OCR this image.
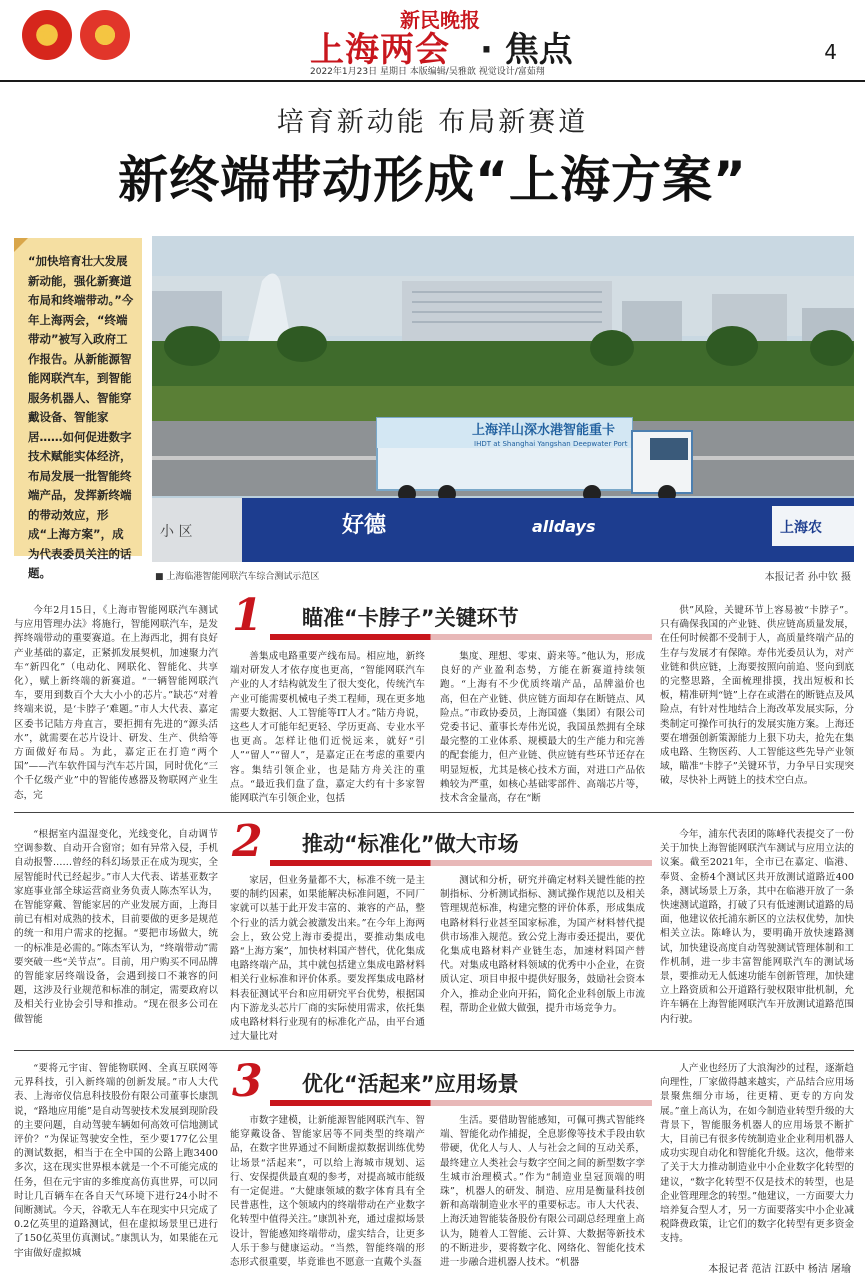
★ ✦
新民晚报
上海两会 · 焦点	4
2022年1月23日 星期日 本版编辑/吴雅歆 视觉设计/富茹翔
培育新动能 布局新赛道
新终端带动形成“上海方案”
“加快培育壮大发展新动能，强化新赛道布局和终端带动。”今年上海两会，“终端带动”被写入政府工作报告。从新能源智能网联汽车，到智能服务机器人、智能穿戴设备、智能家居……如何促进数字技术赋能实体经济，布局发展一批智能终端产品，发挥新终端的带动效应，形成“上海方案”，成为代表委员关注的话题。
上海洋山深水港智能重卡
IHDT at Shanghai Yangshan Deepwater Port
小 区	好德	alldays	上海农
■ 上海临港智能网联汽车综合测试示范区	本报记者 孙中钦 摄
1 瞄准“卡脖子”关键环节

今年2月15日，《上海市智能网联汽车测试与应用管理办法》将施行，智能网联汽车，是发挥终端带动的重要赛道。在上海西北，拥有良好产业基础的嘉定，正紧抓发展契机，加速聚力汽车“新四化”（电动化、网联化、智能化、共享化），赋上新终端的新赛道。“一辆智能网联汽车，要用到数百个大大小小的芯片。”缺芯“对着终端来说，是‘卡脖子’难题。”市人大代表、嘉定区委书记陆方舟直言，要拒拥有先进的“源头活水”，就需要在芯片设计、研发、生产、供给等方面做好布局。为此，嘉定正在打造“两个国”——汽车软件国与汽车芯片国，同时优化“三个千亿级产业”中的智能传感器及物联网产业生态，完

善集成电路重要产线布局。相应地，新终端对研发人才依存度也更高，“智能网联汽车产业的人才结构就发生了很大变化，传统汽车产业可能需要机械电子类工程师，现在更多地需要大数据、人工智能等IT人才。”陆方舟说，这些人才可能年纪更轻、学历更高、专业水平也更高。怎样让他们近悦远来，就好“引人”“留人”“留人”，是嘉定正在考虑的重要内容。集结引领企业，也是陆方舟关注的重点。“最近我们盘了盘，嘉定大约有十多家智能网联汽车引领企业，包括

集度、理想、零束、蔚来等。”他认为，形成良好的产业盈利态势，方能在新赛道持续领跑。“上海有不少优质终端产品，品牌溢价也高，但在产业链、供应链方面却存在断链点、风险点。”市政协委员，上海国盛（集团）有限公司党委书记、董事长寿伟光说，我国虽然拥有全球最完整的工业体系、规模最大的生产能力和完善的配套能力，但产业链、供应链有些环节还存在明显短板，尤其是核心技术方面，对进口产品依赖较为严重，如核心基础零部件、高端芯片等，技术含金量高，存在“断

供”风险，关键环节上容易被“卡脖子”。只有确保我国的产业链、供应链高质量发展，在任何时候都不受制于人，高质量终端产品的生存与发展才有保障。寿伟光委员认为，对产业链和供应链，上海要按照向前追、竖向到底的完整思路，全面梳理排摸，找出短板和长板，精准研判“链”上存在或潜在的断链点及风险点，有针对性地结合上海改革发展实际，分类制定可操作可执行的发展实施方案。上海还要在增强创新策源能力上狠下功夫，抢先在集成电路、生物医药、人工智能这些先导产业领域，瞄准“卡脖子”关键环节，力争早日实现突破，尽快补上两链上的技术空白点。

2 推动“标准化”做大市场

“根据室内温湿变化，光线变化，自动调节空调参数、自动开合窗帘；如有异常入侵，手机自动报警……曾经的科幻场景正在成为现实，全屋智能时代已经起步。”市人大代表、诺基亚数字家庭事业部全球运营商业务负责人陈杰军认为，在智能穿戴、智能家居的产业发展方面，上海目前已有相对成熟的技术，目前要做的更多是规范的统一和用户需求的挖掘。“要把市场做大，统一的标准是必需的。”陈杰军认为，“终端带动”需要突破一些“关节点”。目前，用户购买不同品牌的智能家居终端设备，会遇到接口不兼容的问题，这涉及行业规范和标准的制定，需要政府以及相关行业协会引导和推动。“现在很多公司在做智能

家居，但业务量都不大，标准不统一是主要的制约因素，如果能解决标准问题，不同厂家就可以基于此开发丰富的、兼容的产品，整个行业的活力就会被激发出来。”在今年上海两会上，致公党上海市委提出，要推动集成电路“上海方案”，加快材料国产替代，优化集成电路终端产品，其中就包括建立集成电路材料相关行业标准和评价体系。要发挥集成电路材料表征测试平台和应用研究平台优势，根据国内下游龙头芯片厂商的实际使用需求，依托集成电路材料行业现有的标准化产品，由平台通过大量比对

测试和分析，研究并确定材料关键性能的控制指标、分析测试指标、测试操作规范以及相关管理规范标准，构建完整的评价体系，形成集成电路材料行业甚至国家标准，为国产材料替代提供市场准入规范。致公党上海市委还提出，要优化集成电路材料产业链生态，加速材料国产替代。对集成电路材料领域的优秀中小企业，在资质认定、项目申报中提供好服务，鼓励社会资本介入，推动企业向开拓，简化企业科创版上市流程，帮助企业做大做强，提升市场竞争力。

今年，浦东代表团的陈峰代表提交了一份关于加快上海智能网联汽车测试与应用立法的议案。截至2021年，全市已在嘉定、临港、奉贤、金桥4个测试区共开放测试道路近400条，测试场景上万条，其中在临港开放了一条快速测试道路，打破了只有低速测试道路的局面，他建议依托浦东新区的立法权优势，加快相关立法。陈峰认为，要明确开放快速路测试，加快建设高度自动驾驶测试管理体制和工作机制，进一步丰富智能网联汽车的测试场景，要推动无人低速功能车创新管理，加快建立上路资质和公开道路行驶权限审批机制，允许车辆在上海智能网联汽车开放测试道路范围内行驶。

3 优化“活起来”应用场景

“要将元宇宙、智能物联网、全真互联网等元界科技，引入新终端的创新发展。”市人大代表、上海帝仪信息科技股份有限公司董事长康凯说，“路地应用能”是自动驾驶技术发展到现阶段的主要问题，自动驾驶车辆如何高效可信地测试评价？“为保证驾驶安全性，至少要177亿公里的测试数据，相当于在全中国的公路上跑3400多次，这在现实世界根本就是一个不可能完成的任务，但在元宇宙的多维度高仿真世界，可以同时让几百辆车在各自天气环境下进行24小时不间断测试。今天，谷歌无人车在现实中只完成了0.2亿英里的道路测试，但在虚拟场景里已进行了150亿英里仿真测试。”康凯认为，如果能在元宇宙做好虚拟城

市数字建模，让新能源智能网联汽车、智能穿戴设备、智能家居等不同类型的终端产品，在数字世界通过不间断虚拟数据训练优势让场景“活起来”，可以给上海城市规划、运行、安保提供最直观的参考，对提高城市能级有一定促进。“大健康领域的数字体育具有全民普惠性，这个领域内的终端带动在产业数字化转型中值得关注。”康凯补充，通过虚拟场景设计，智能感知终端带动，虚实结合，让更多人乐于参与健康运动。“当然，智能终端的形态形式很重要，毕竟谁也不愿意一直戴个头盔

生活。要借助智能感知，可佩可携式智能终端、智能化动作捕捉，全息影像等技术手段由软带硬，优化人与人、人与社会之间的互动关系，最终建立人类社会与数字空间之间的新型数字孪生城市治理模式。”作为“制造业皇冠顶端的明珠”，机器人的研发、制造、应用是衡量科技创新和高端制造业水平的重要标志。市人大代表、上海沃迪智能装备股份有限公司副总经理童上高认为，随着人工智能、云计算、大数据等新技术的不断进步，要将数字化、网络化、智能化技术进一步融合进机器人技术。“机器

人产业也经历了大浪淘沙的过程，逐渐趋向理性，厂家做得越来越实，产品结合应用场景聚焦细分市场，往更精、更专的方向发展。”童上高认为，在如今制造业转型升级的大背景下，智能服务机器人的应用场景不断扩大，目前已有很多传统制造业企业利用机器人成功实现自动化和智能化升级。这次，他带来了关于大力推动制造业中小企业数字化转型的建议，“数字化转型不仅是技术的转型，也是企业管理理念的转型。”他建议，一方面要大力培养复合型人才，另一方面要落实中小企业减税降费政策，让它们的数字化转型有更多资金支持。

本报记者 范洁 江跃中 杨洁 屠瑜
